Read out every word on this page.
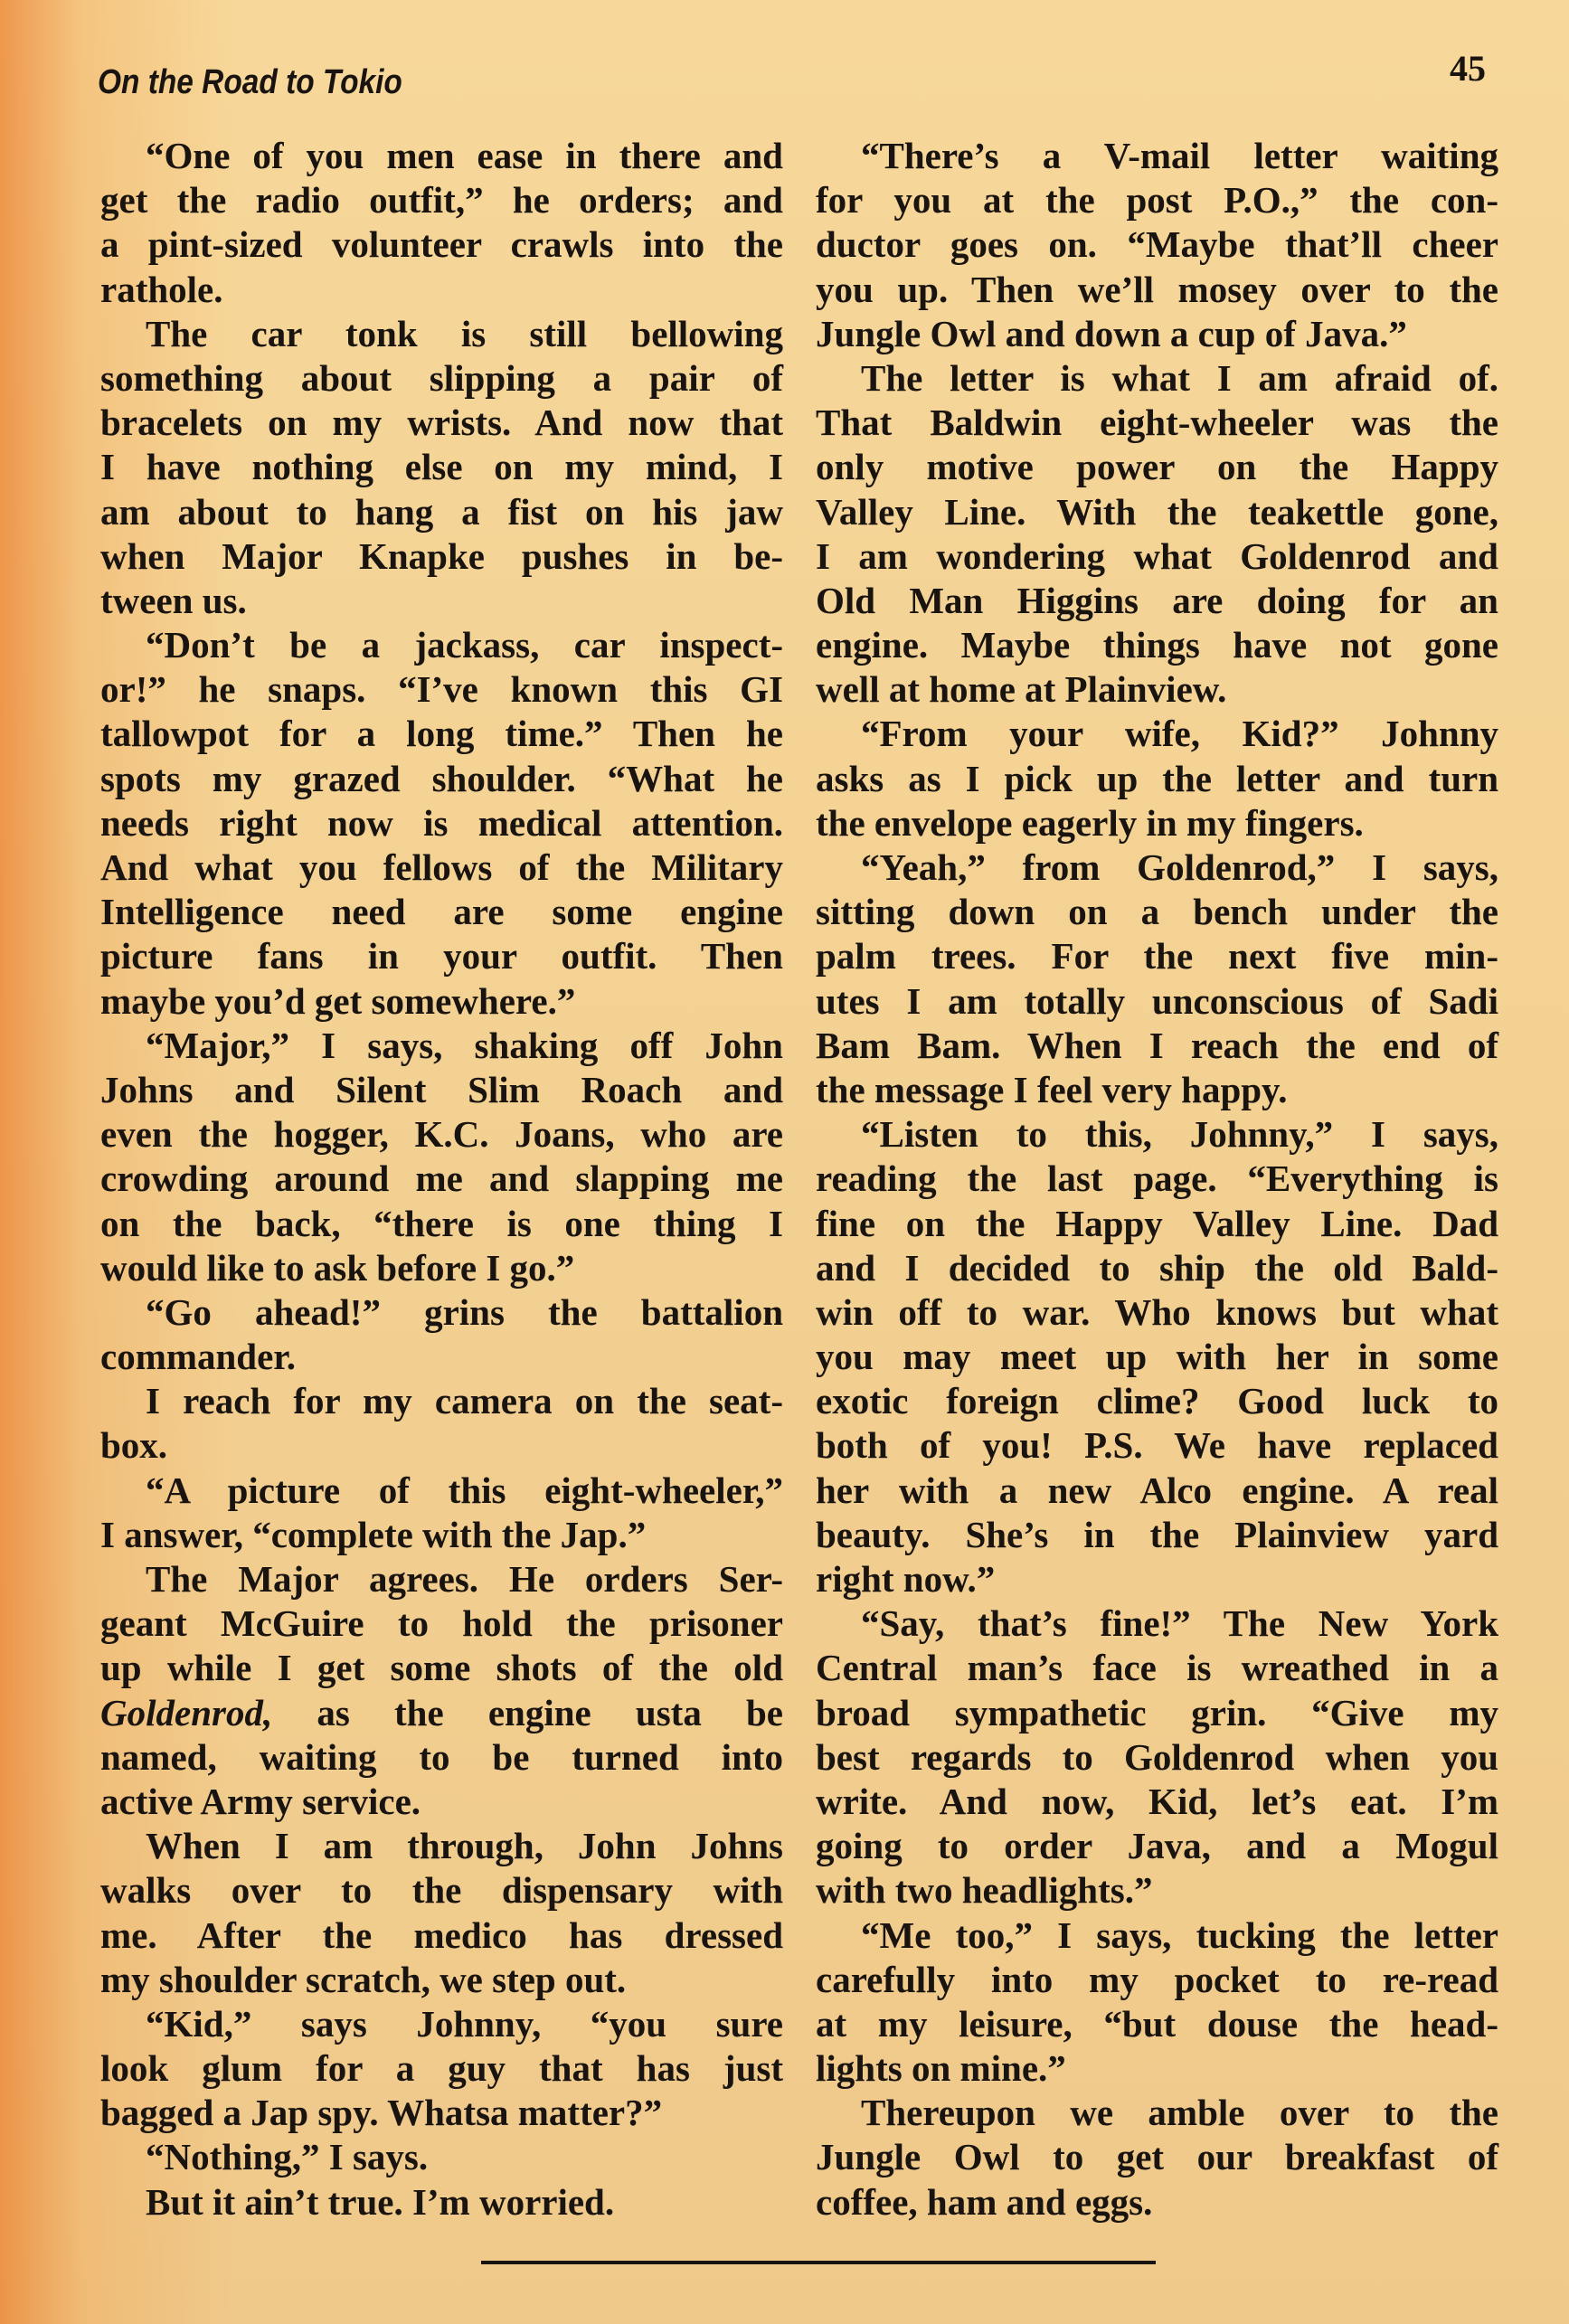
On the Road to Tokio	45
“One of you men ease in there and
get the radio outfit,” he orders; and
a pint-sized volunteer crawls into the
rathole.
The car tonk is still bellowing
something about slipping a pair of
bracelets on my wrists. And now that
I have nothing else on my mind, I
am about to hang a fist on his jaw
when Major Knapke pushes in be-
tween us.
“Don’t be a jackass, car inspect-
or!” he snaps. “I’ve known this GI
tallowpot for a long time.” Then he
spots my grazed shoulder. “What he
needs right now is medical attention.
And what you fellows of the Military
Intelligence need are some engine
picture fans in your outfit. Then
maybe you’d get somewhere.”
“Major,” I says, shaking off John
Johns and Silent Slim Roach and
even the hogger, K.C. Joans, who are
crowding around me and slapping me
on the back, “there is one thing I
would like to ask before I go.”
“Go ahead!” grins the battalion
commander.
I reach for my camera on the seat-
box.
“A picture of this eight-wheeler,”
I answer, “complete with the Jap.”
The Major agrees. He orders Ser-
geant McGuire to hold the prisoner
up while I get some shots of the old
Goldenrod, as the engine usta be
named, waiting to be turned into
active Army service.
When I am through, John Johns
walks over to the dispensary with
me. After the medico has dressed
my shoulder scratch, we step out.
“Kid,” says Johnny, “you sure
look glum for a guy that has just
bagged a Jap spy. Whatsa matter?”
“Nothing,” I says.
But it ain’t true. I’m worried.
“There’s a V-mail letter waiting
for you at the post P.O.,” the con-
ductor goes on. “Maybe that’ll cheer
you up. Then we’ll mosey over to the
Jungle Owl and down a cup of Java.”
The letter is what I am afraid of.
That Baldwin eight-wheeler was the
only motive power on the Happy
Valley Line. With the teakettle gone,
I am wondering what Goldenrod and
Old Man Higgins are doing for an
engine. Maybe things have not gone
well at home at Plainview.
“From your wife, Kid?” Johnny
asks as I pick up the letter and turn
the envelope eagerly in my fingers.
“Yeah,” from Goldenrod,” I says,
sitting down on a bench under the
palm trees. For the next five min-
utes I am totally unconscious of Sadi
Bam Bam. When I reach the end of
the message I feel very happy.
“Listen to this, Johnny,” I says,
reading the last page. “Everything is
fine on the Happy Valley Line. Dad
and I decided to ship the old Bald-
win off to war. Who knows but what
you may meet up with her in some
exotic foreign clime? Good luck to
both of you! P.S. We have replaced
her with a new Alco engine. A real
beauty. She’s in the Plainview yard
right now.”
“Say, that’s fine!” The New York
Central man’s face is wreathed in a
broad sympathetic grin. “Give my
best regards to Goldenrod when you
write. And now, Kid, let’s eat. I’m
going to order Java, and a Mogul
with two headlights.”
“Me too,” I says, tucking the letter
carefully into my pocket to re-read
at my leisure, “but douse the head-
lights on mine.”
Thereupon we amble over to the
Jungle Owl to get our breakfast of
coffee, ham and eggs.
